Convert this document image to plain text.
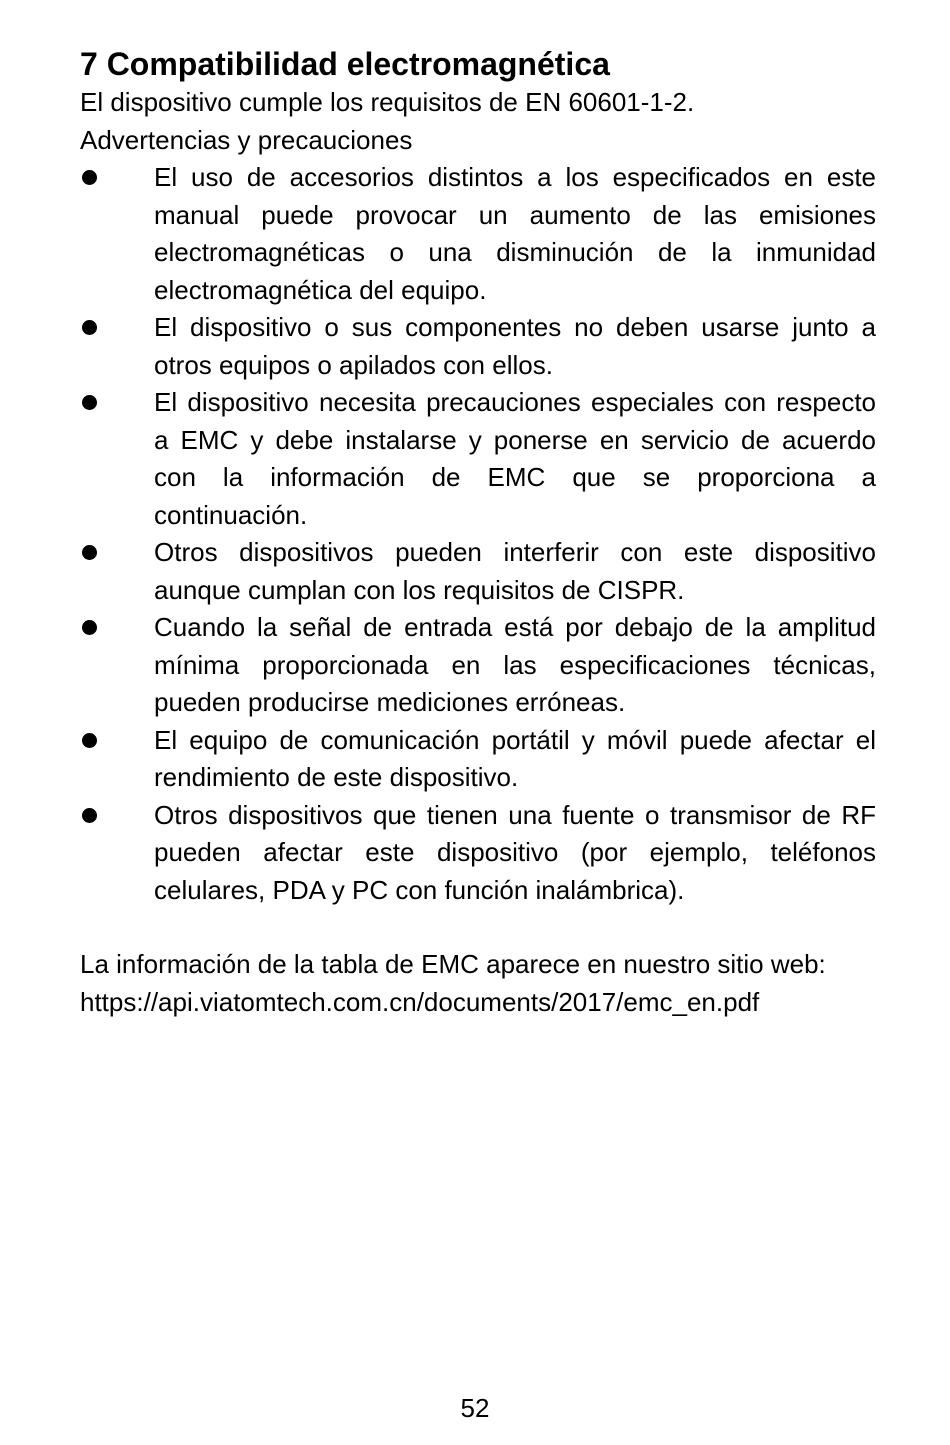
7 Compatibilidad electromagnética

El dispositivo cumple los requisitos de EN 60601-1-2.

Advertencias y precauciones

El uso de accesorios distintos a los especificados en este manual puede provocar un aumento de las emisiones electromagnéticas o una disminución de la inmunidad electromagnética del equipo.
El dispositivo o sus componentes no deben usarse junto a otros equipos o apilados con ellos.
El dispositivo necesita precauciones especiales con respecto a EMC y debe instalarse y ponerse en servicio de acuerdo con la información de EMC que se proporciona a continuación.
Otros dispositivos pueden interferir con este dispositivo aunque cumplan con los requisitos de CISPR.
Cuando la señal de entrada está por debajo de la amplitud mínima proporcionada en las especificaciones técnicas, pueden producirse mediciones erróneas.
El equipo de comunicación portátil y móvil puede afectar el rendimiento de este dispositivo.
Otros dispositivos que tienen una fuente o transmisor de RF pueden afectar este dispositivo (por ejemplo, teléfonos celulares, PDA y PC con función inalámbrica).

La información de la tabla de EMC aparece en nuestro sitio web:

https://api.viatomtech.com.cn/documents/2017/emc_en.pdf

52
